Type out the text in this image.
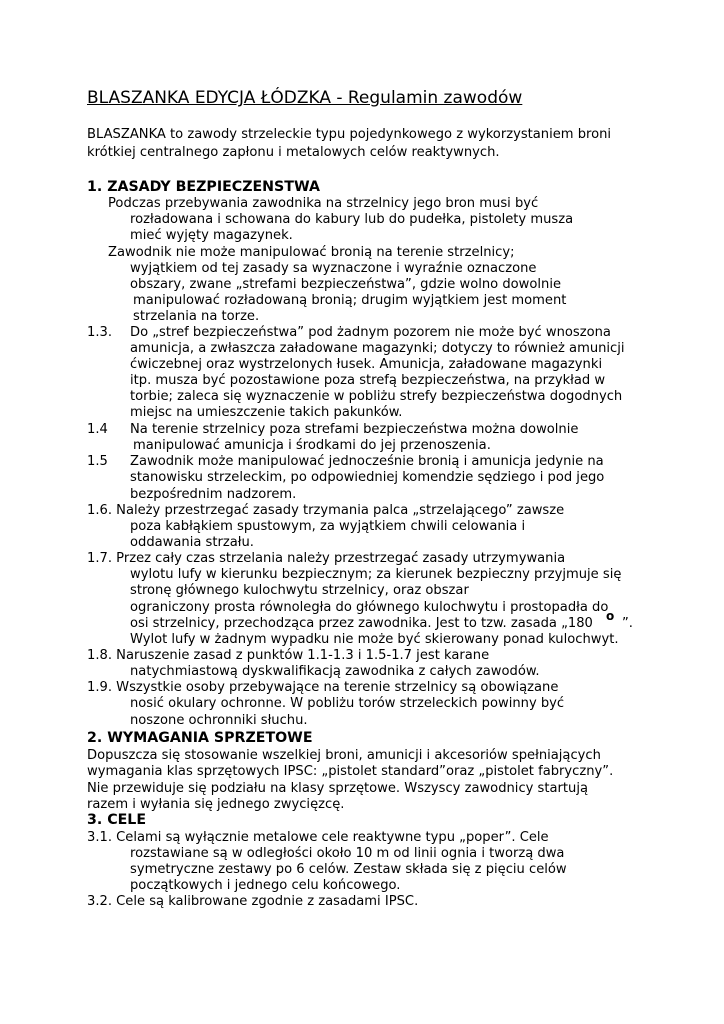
BLASZANKA EDYCJA ŁÓDZKA - Regulamin zawodów
BLASZANKA to zawody strzeleckie typu pojedynkowego z wykorzystaniem broni
krótkiej centralnego zapłonu i metalowych celów reaktywnych.
1. ZASADY BEZPIECZENSTWA
Podczas przebywania zawodnika na strzelnicy jego bron musi być
rozładowana i schowana do kabury lub do pudełka, pistolety musza
mieć wyjęty magazynek.
Zawodnik nie może manipulować bronią na terenie strzelnicy;
wyjątkiem od tej zasady sa wyznaczone i wyraźnie oznaczone
obszary, zwane „strefami bezpieczeństwa”, gdzie wolno dowolnie
manipulować rozładowaną bronią; drugim wyjątkiem jest moment
strzelania na torze.
1.3. Do „stref bezpieczeństwa” pod żadnym pozorem nie może być wnoszona
amunicja, a zwłaszcza załadowane magazynki; dotyczy to również amunicji
ćwiczebnej oraz wystrzelonych łusek. Amunicja, załadowane magazynki
itp. musza być pozostawione poza strefą bezpieczeństwa, na przykład w
torbie; zaleca się wyznaczenie w pobliżu strefy bezpieczeństwa dogodnych
miejsc na umieszczenie takich pakunków.
1.4 Na terenie strzelnicy poza strefami bezpieczeństwa można dowolnie
manipulować amunicja i środkami do jej przenoszenia.
1.5 Zawodnik może manipulować jednocześnie bronią i amunicja jedynie na
stanowisku strzeleckim, po odpowiedniej komendzie sędziego i pod jego
bezpośrednim nadzorem.
1.6. Należy przestrzegać zasady trzymania palca „strzelającego” zawsze
poza kabłąkiem spustowym, za wyjątkiem chwili celowania i
oddawania strzału.
1.7. Przez cały czas strzelania należy przestrzegać zasady utrzymywania
wylotu lufy w kierunku bezpiecznym; za kierunek bezpieczny przyjmuje się
stronę głównego kulochwytu strzelnicy, oraz obszar
ograniczony prosta równoległa do głównego kulochwytu i prostopadła do
osi strzelnicy, przechodząca przez zawodnika. Jest to tzw. zasada „180 o ”.
Wylot lufy w żadnym wypadku nie może być skierowany ponad kulochwyt.
1.8. Naruszenie zasad z punktów 1.1-1.3 i 1.5-1.7 jest karane
natychmiastową dyskwalifikacją zawodnika z całych zawodów.
1.9. Wszystkie osoby przebywające na terenie strzelnicy są obowiązane
nosić okulary ochronne. W pobliżu torów strzeleckich powinny być
noszone ochronniki słuchu.
2. WYMAGANIA SPRZETOWE
Dopuszcza się stosowanie wszelkiej broni, amunicji i akcesoriów spełniających
wymagania klas sprzętowych IPSC: „pistolet standard”oraz „pistolet fabryczny”.
Nie przewiduje się podziału na klasy sprzętowe. Wszyscy zawodnicy startują
razem i wyłania się jednego zwycięzcę.
3. CELE
3.1. Celami są wyłącznie metalowe cele reaktywne typu „poper”. Cele
rozstawiane są w odległości około 10 m od linii ognia i tworzą dwa
symetryczne zestawy po 6 celów. Zestaw składa się z pięciu celów
początkowych i jednego celu końcowego.
3.2. Cele są kalibrowane zgodnie z zasadami IPSC.
